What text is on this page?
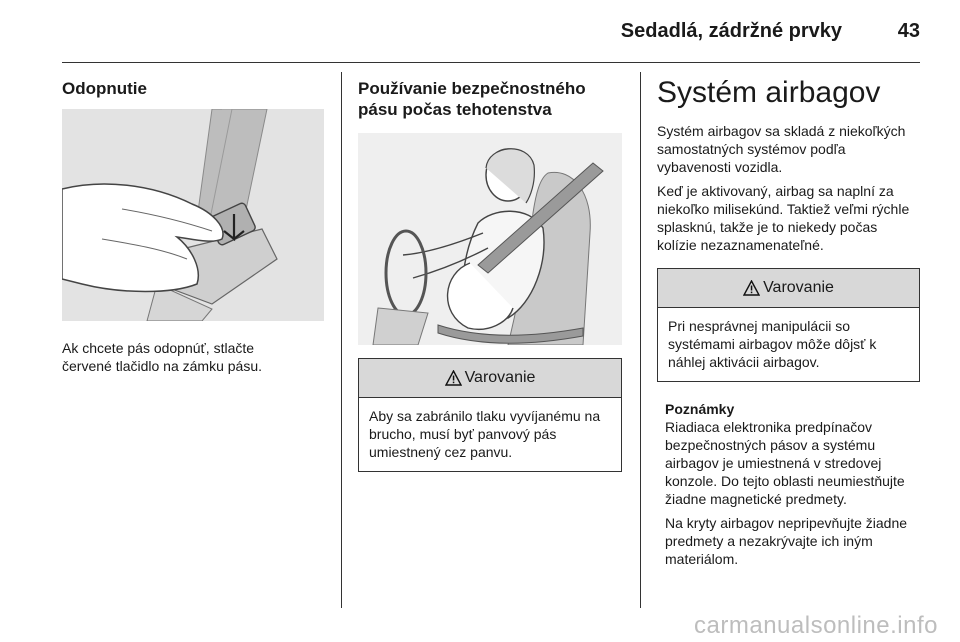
Sedadlá, zádržné prvky	43
Odopnutie

Ak chcete pás odopnúť, stlačte červené tlačidlo na zámku pásu.

Používanie bezpečnostného pásu počas tehotenstva
Varovanie
Aby sa zabránilo tlaku vyvíjanému na brucho, musí byť panvový pás umiestnený cez panvu.
Systém airbagov

Systém airbagov sa skladá z niekoľkých samostatných systémov podľa vybavenosti vozidla.

Keď je aktivovaný, airbag sa naplní za niekoľko milisekúnd. Taktiež veľmi rýchle splasknú, takže je to niekedy počas kolízie nezaznamenateľné.

Varovanie
Pri nesprávnej manipulácii so systémami airbagov môže dôjsť k náhlej aktivácii airbagov.
Poznámky

Riadiaca elektronika predpínačov bezpečnostných pásov a systému airbagov je umiestnená v stredovej konzole. Do tejto oblasti neumiestňujte žiadne magnetické predmety.

Na kryty airbagov nepripevňujte žiadne predmety a nezakrývajte ich iným materiálom.

carmanualsonline.info
